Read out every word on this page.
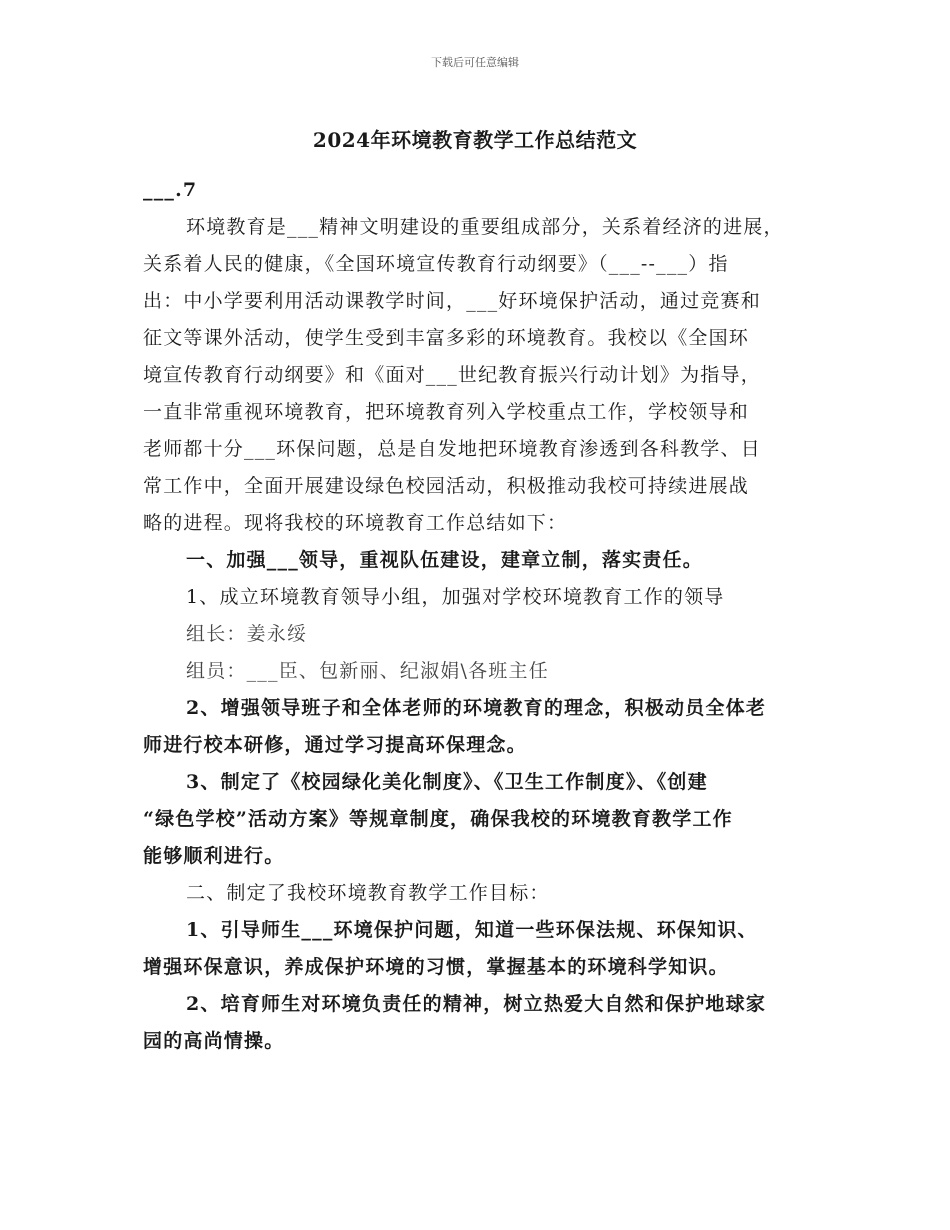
下载后可任意编辑
2024年环境教育教学工作总结范文
___.7
环境教育是___精神文明建设的重要组成部分，关系着经济的进展，
关系着人民的健康，《全国环境宣传教育行动纲要》（___--___）指
出：中小学要利用活动课教学时间，___好环境保护活动，通过竞赛和
征文等课外活动，使学生受到丰富多彩的环境教育。我校以《全国环
境宣传教育行动纲要》和《面对___世纪教育振兴行动计划》为指导，
一直非常重视环境教育，把环境教育列入学校重点工作，学校领导和
老师都十分___环保问题，总是自发地把环境教育渗透到各科教学、日
常工作中，全面开展建设绿色校园活动，积极推动我校可持续进展战
略的进程。现将我校的环境教育工作总结如下：
一、加强___领导，重视队伍建设，建章立制，落实责任。
1、成立环境教育领导小组，加强对学校环境教育工作的领导
组长：姜永绥
组员：___臣、包新丽、纪淑娟\各班主任
2、增强领导班子和全体老师的环境教育的理念，积极动员全体老
师进行校本研修，通过学习提高环保理念。
3、制定了《校园绿化美化制度》、《卫生工作制度》、《创建
“绿色学校”活动方案》等规章制度，确保我校的环境教育教学工作
能够顺利进行。
二、制定了我校环境教育教学工作目标：
1、引导师生___环境保护问题，知道一些环保法规、环保知识、
增强环保意识，养成保护环境的习惯，掌握基本的环境科学知识。
2、培育师生对环境负责任的精神，树立热爱大自然和保护地球家
园的高尚情操。
